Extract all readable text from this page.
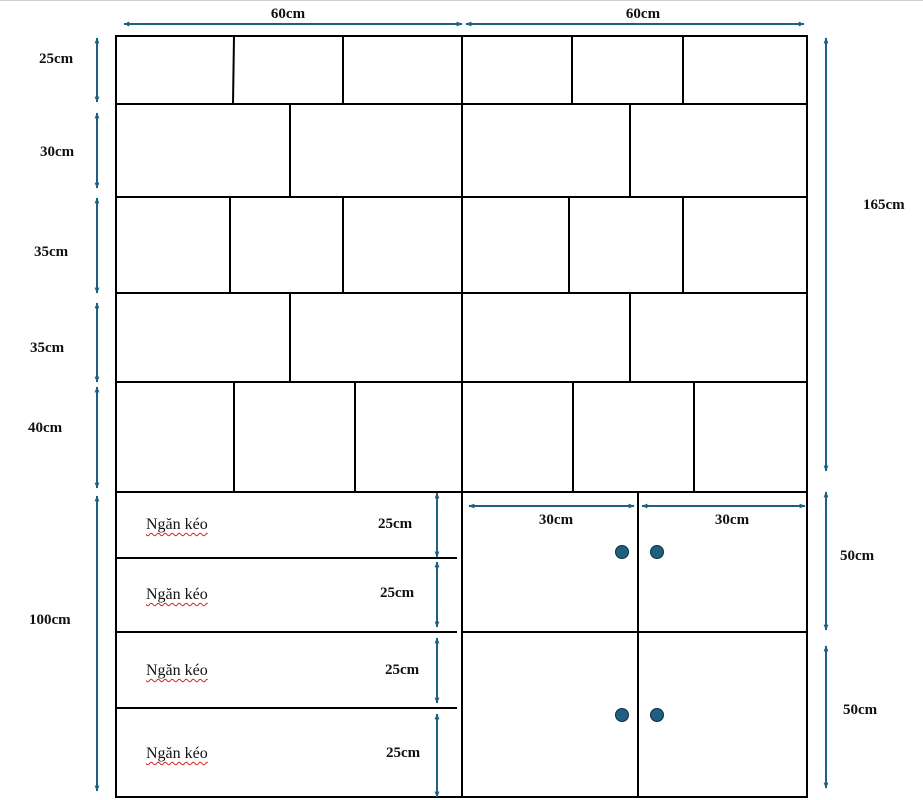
60cm	60cm
30cm	30cm
25cm
30cm
35cm
35cm
40cm
100cm
165cm
50cm
50cm
Ngăn kéo	25cm
Ngăn kéo	25cm
Ngăn kéo	25cm
Ngăn kéo	25cm
